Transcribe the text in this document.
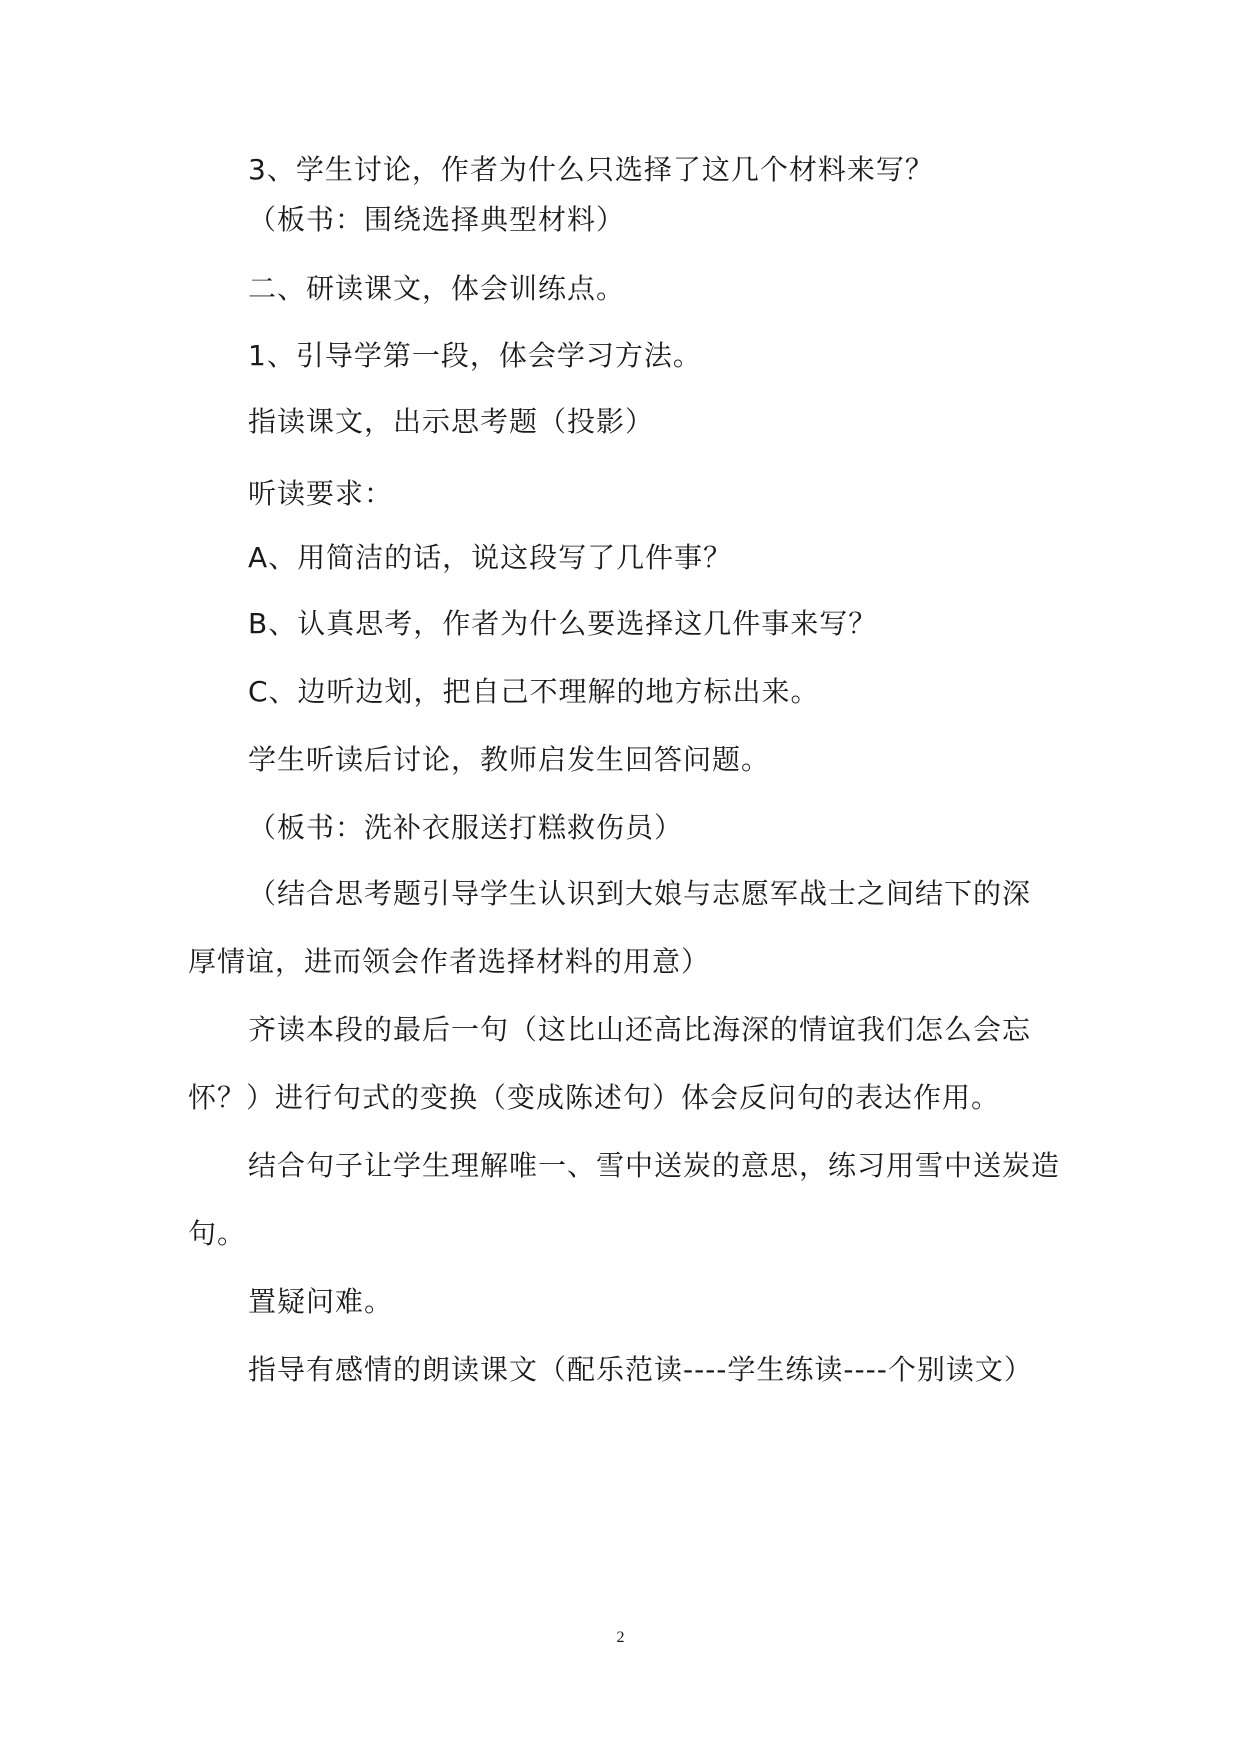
3、学生讨论，作者为什么只选择了这几个材料来写？
（板书：围绕选择典型材料）
二、研读课文，体会训练点。
1、引导学第一段，体会学习方法。
指读课文，出示思考题（投影）
听读要求：
A、用简洁的话，说这段写了几件事？
B、认真思考，作者为什么要选择这几件事来写？
C、边听边划，把自己不理解的地方标出来。
学生听读后讨论，教师启发生回答问题。
（板书：洗补衣服送打糕救伤员）
（结合思考题引导学生认识到大娘与志愿军战士之间结下的深
厚情谊，进而领会作者选择材料的用意）
齐读本段的最后一句（这比山还高比海深的情谊我们怎么会忘
怀？）进行句式的变换（变成陈述句）体会反问句的表达作用。
结合句子让学生理解唯一、雪中送炭的意思，练习用雪中送炭造
句。
置疑问难。
指导有感情的朗读课文（配乐范读----学生练读----个别读文）
2
